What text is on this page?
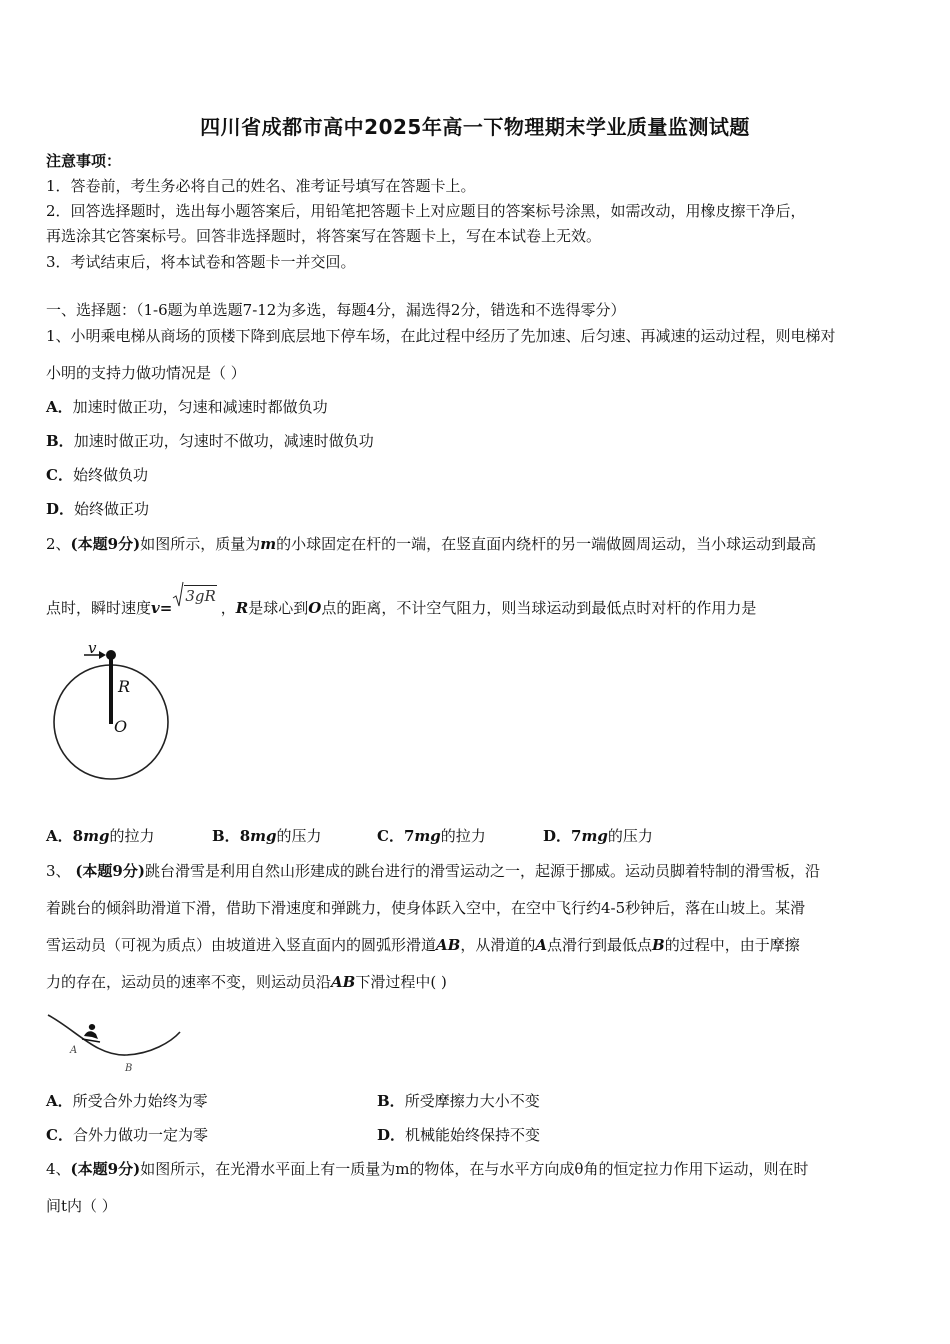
四川省成都市高中2025年高一下物理期末学业质量监测试题
注意事项：
1．答卷前，考生务必将自己的姓名、准考证号填写在答题卡上。
2．回答选择题时，选出每小题答案后，用铅笔把答题卡上对应题目的答案标号涂黑，如需改动，用橡皮擦干净后，
再选涂其它答案标号。回答非选择题时，将答案写在答题卡上，写在本试卷上无效。
3．考试结束后，将本试卷和答题卡一并交回。
一、选择题：（1-6题为单选题7-12为多选，每题4分，漏选得2分，错选和不选得零分）
1、小明乘电梯从商场的顶楼下降到底层地下停车场，在此过程中经历了先加速、后匀速、再减速的运动过程，则电梯对
小明的支持力做功情况是（ ）
A．加速时做正功，匀速和减速时都做负功
B．加速时做正功，匀速时不做功，减速时做负功
C．始终做负功
D．始终做正功
2、(本题9分)如图所示，质量为m的小球固定在杆的一端，在竖直面内绕杆的另一端做圆周运动，当小球运动到最高
点时，瞬时速度v=
3gR，R是球心到O点的距离，不计空气阻力，则当球运动到最低点时对杆的作用力是
v
R
O
A．8mg的拉力	B．8mg的压力	C．7mg的拉力	D．7mg的压力
3、 (本题9分)跳台滑雪是利用自然山形建成的跳台进行的滑雪运动之一，起源于挪威。运动员脚着特制的滑雪板，沿
着跳台的倾斜助滑道下滑，借助下滑速度和弹跳力，使身体跃入空中，在空中飞行约4-5秒钟后，落在山坡上。某滑
雪运动员（可视为质点）由坡道进入竖直面内的圆弧形滑道AB，从滑道的A点滑行到最低点B的过程中，由于摩擦
力的存在，运动员的速率不变，则运动员沿AB下滑过程中( )
A
B
A．所受合外力始终为零	B．所受摩擦力大小不变
C．合外力做功一定为零	D．机械能始终保持不变
4、(本题9分)如图所示，在光滑水平面上有一质量为m的物体，在与水平方向成θ角的恒定拉力作用下运动，则在时
间t内（ ）
